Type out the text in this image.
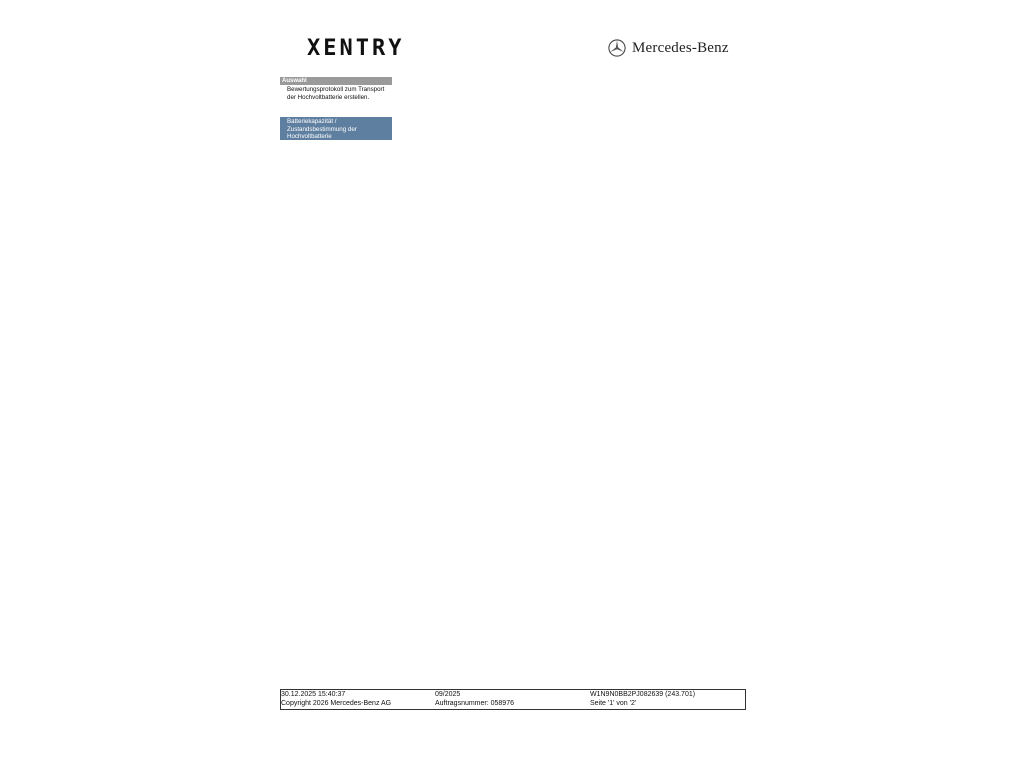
XENTRY	Mercedes-Benz
Auswahl
Bewertungsprotokoll zum Transport der Hochvoltbatterie erstellen.
Batteriekapazität /
Zustandsbestimmung der
Hochvoltbatterie
30.12.2025 15:40:37	09/2025	W1N9N0BB2PJ082639 (243.701)
Copyright 2026 Mercedes-Benz AG	Auftragsnummer: 058976	Seite '1' von '2'
